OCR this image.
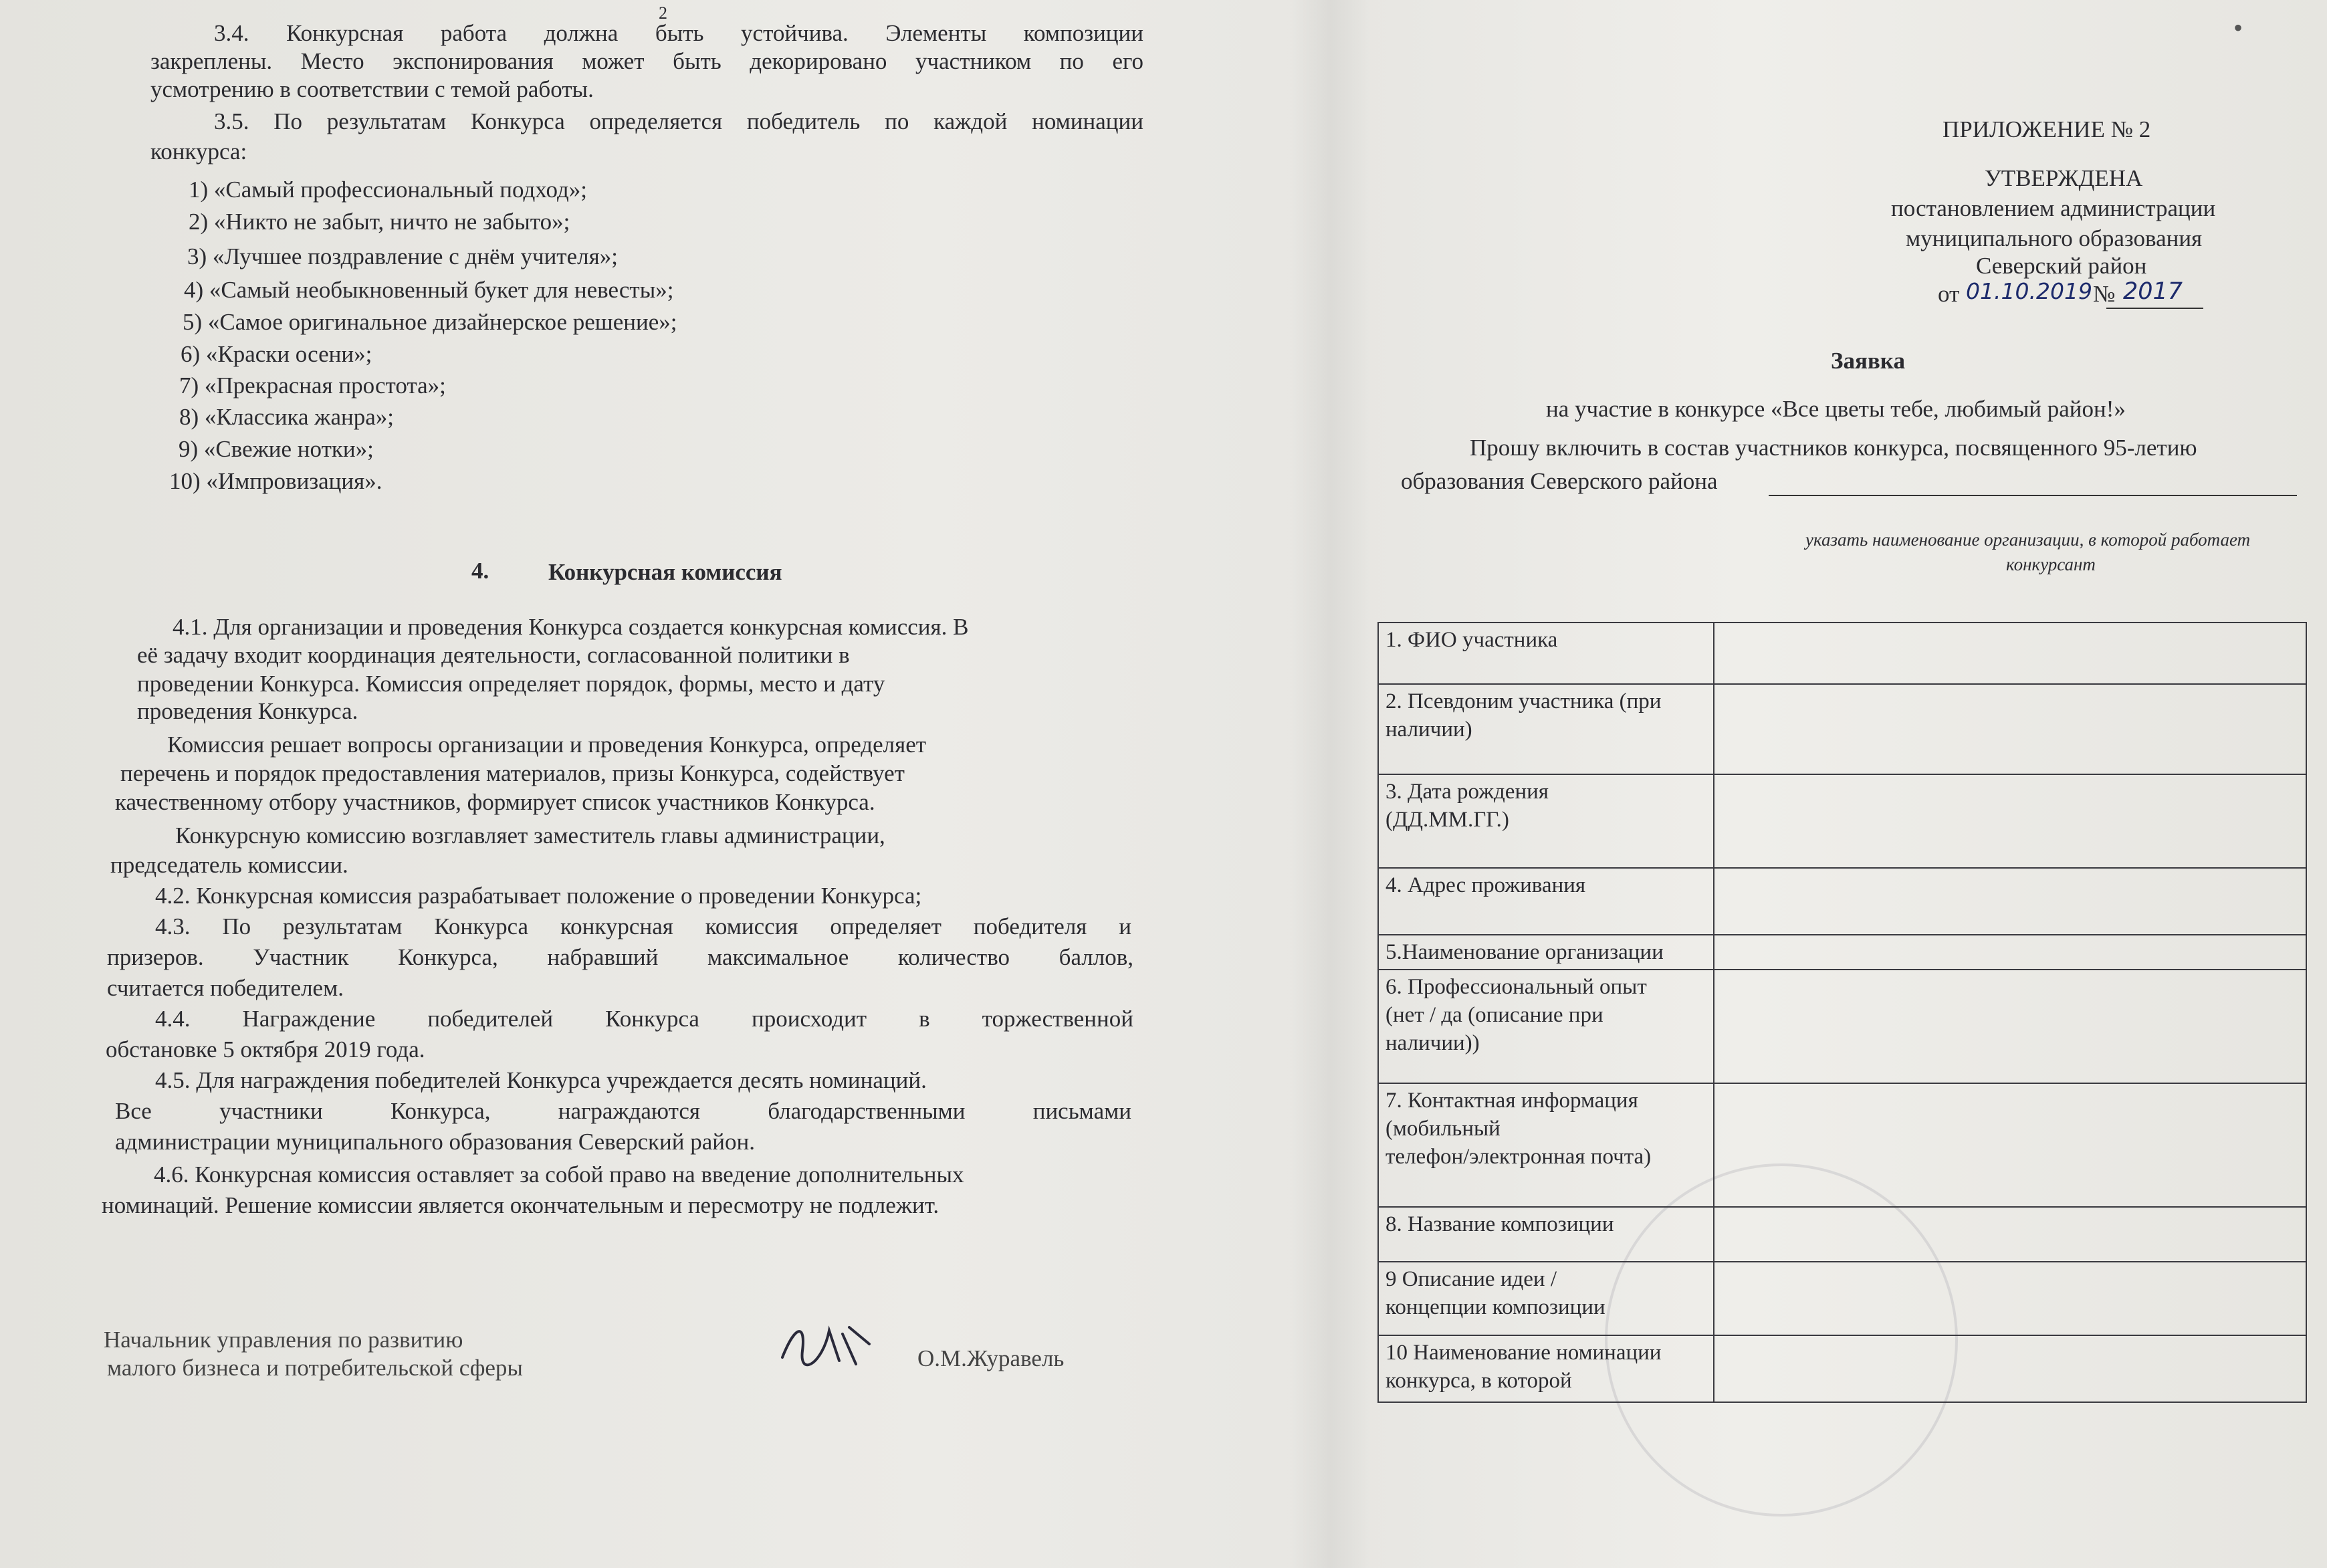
2	•
3.4. Конкурсная работа должна быть устойчива. Элементы композиции
закреплены. Место экспонирования может быть декорировано участником по его
усмотрению в соответствии с темой работы.
3.5. По результатам Конкурса определяется победитель по каждой номинации
конкурса:
1) «Самый профессиональный подход»;
2) «Никто не забыт, ничто не забыто»;
3) «Лучшее поздравление с днём учителя»;
4) «Самый необыкновенный букет для невесты»;
5) «Самое оригинальное дизайнерское решение»;
6) «Краски осени»;
7) «Прекрасная простота»;
8) «Классика жанра»;
9) «Свежие нотки»;
10) «Импровизация».
4.	Конкурсная комиссия
4.1. Для организации и проведения Конкурса создается конкурсная комиссия. В
её задачу входит координация деятельности, согласованной политики в
проведении Конкурса. Комиссия определяет порядок, формы, место и дату
проведения Конкурса.
Комиссия решает вопросы организации и проведения Конкурса, определяет
перечень и порядок предоставления материалов, призы Конкурса, содействует
качественному отбору участников, формирует список участников Конкурса.
Конкурсную комиссию возглавляет заместитель главы администрации,
председатель комиссии.
4.2. Конкурсная комиссия разрабатывает положение о проведении Конкурса;
4.3. По результатам Конкурса конкурсная комиссия определяет победителя и
призеров. Участник Конкурса, набравший максимальное количество баллов,
считается победителем.
4.4. Награждение победителей Конкурса происходит в торжественной
обстановке 5 октября 2019 года.
4.5. Для награждения победителей Конкурса учреждается десять номинаций.
Все участники Конкурса, награждаются благодарственными письмами
администрации муниципального образования Северский район.
4.6. Конкурсная комиссия оставляет за собой право на введение дополнительных
номинаций. Решение комиссии является окончательным и пересмотру не подлежит.
Начальник управления по развитию
малого бизнеса и потребительской сферы	О.М.Журавель
ПРИЛОЖЕНИЕ № 2
УТВЕРЖДЕНА
постановлением администрации
муниципального образования
Северский район
от 01.10.2019 № 2017
Заявка
на участие в конкурсе «Все цветы тебе, любимый район!»
Прошу включить в состав участников конкурса, посвященного 95-летию
образования Северского района
указать наименование организации, в которой работает
конкурсант
1. ФИО участника	
2. Псевдоним участника (при
наличии)	
3. Дата рождения
(ДД.ММ.ГГ.)	
4. Адрес проживания	
5.Наименование организации	
6. Профессиональный опыт
(нет / да (описание при
наличии))	
7. Контактная информация
(мобильный
телефон/электронная почта)	
8. Название композиции	
9 Описание идеи /
концепции композиции	
10 Наименование номинации
конкурса, в которой	
